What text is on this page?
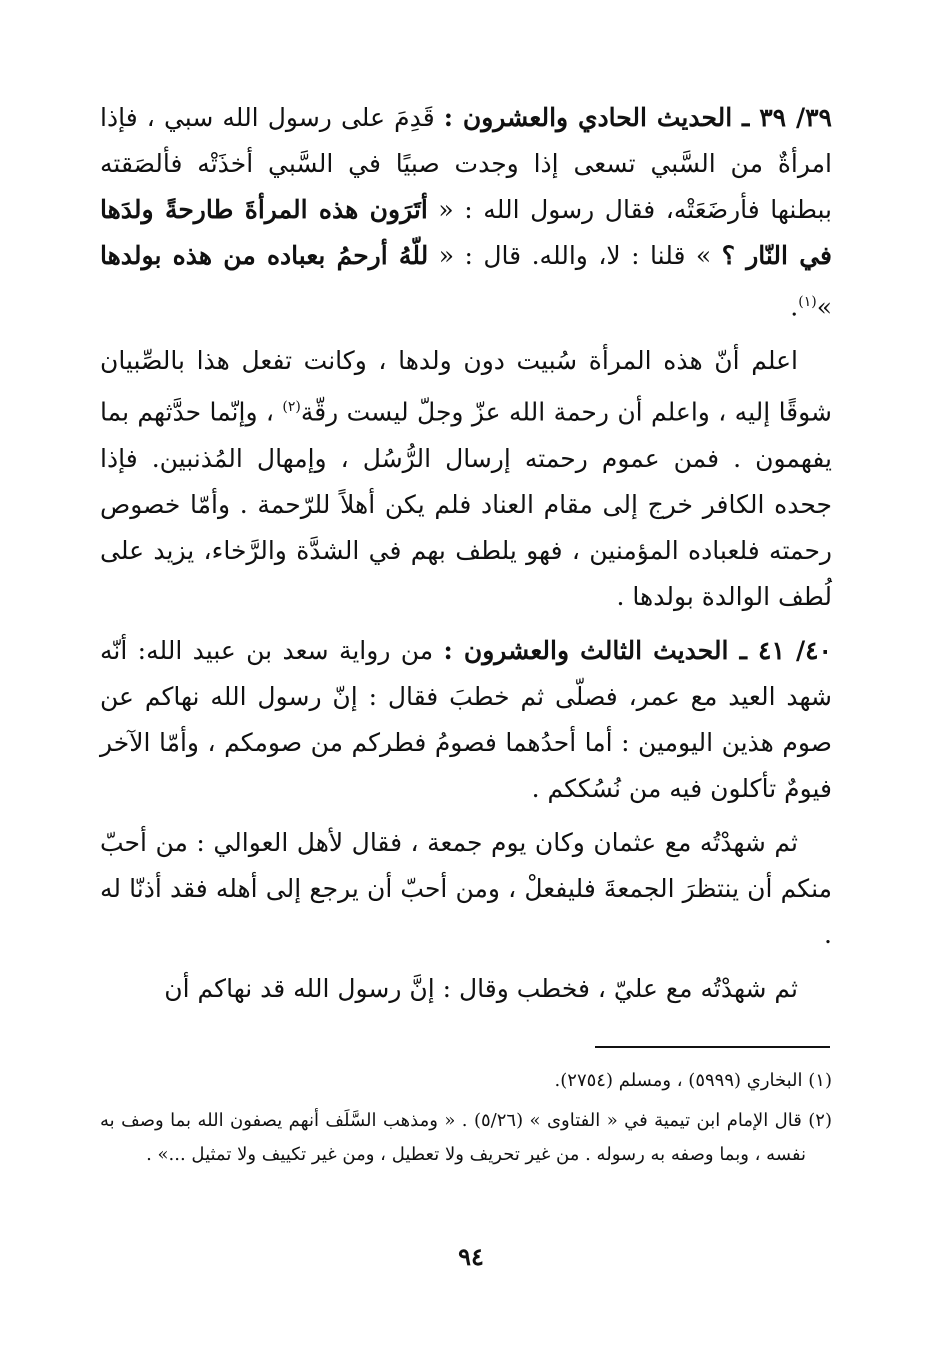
٣٩/ ٣٩ ـ الحديث الحادي والعشرون : قَدِمَ على رسول الله سبي ، فإذا امرأةٌ من السَّبي تسعى إذا وجدت صبيًا في السَّبي أخذَتْه فألصَقته ببطنها فأرضَعَتْه، فقال رسول الله : « أتَرَون هذه المرأةَ طارحةً ولدَها في النّار ؟ » قلنا : لا، والله. قال : « للّهُ أرحمُ بعباده من هذه بولدها »$^{(١)}$.

اعلم أنّ هذه المرأة سُبيت دون ولدها ، وكانت تفعل هذا بالصِّبيان شوقًا إليه ، واعلم أن رحمة الله عزّ وجلّ ليست رقّة$^{(٢)}$ ، وإنّما حدَّثهم بما يفهمون . فمن عموم رحمته إرسال الرُّسُل ، وإمهال المُذنبين. فإذا جحده الكافر خرج إلى مقام العناد فلم يكن أهلاً للرّحمة . وأمّا خصوص رحمته فلعباده المؤمنين ، فهو يلطف بهم في الشدَّة والرَّخاء، يزيد على لُطف الوالدة بولدها .

٤٠/ ٤١ ـ الحديث الثالث والعشرون : من رواية سعد بن عبيد الله: أنّه شهد العيد مع عمر، فصلّى ثم خطبَ فقال : إنّ رسول الله نهاكم عن صوم هذين اليومين : أما أحدُهما فصومُ فطركم من صومكم ، وأمّا الآخر فيومٌ تأكلون فيه من نُسُككم .

ثم شهدْتُه مع عثمان وكان يوم جمعة ، فقال لأهل العوالي : من أحبّ منكم أن ينتظرَ الجمعةَ فليفعلْ ، ومن أحبّ أن يرجع إلى أهله فقد أذنّا له .

ثم شهدْتُه مع عليّ ، فخطب وقال : إنَّ رسول الله قد نهاكم أن

(١) البخاري (٥٩٩٩) ، ومسلم (٢٧٥٤).

(٢) قال الإمام ابن تيمية في « الفتاوى » (٥/٢٦) . « ومذهب السَّلَف أنهم يصفون الله بما وصف به نفسه ، وبما وصفه به رسوله . من غير تحريف ولا تعطيل ، ومن غير تكييف ولا تمثيل ...» .

٩٤
